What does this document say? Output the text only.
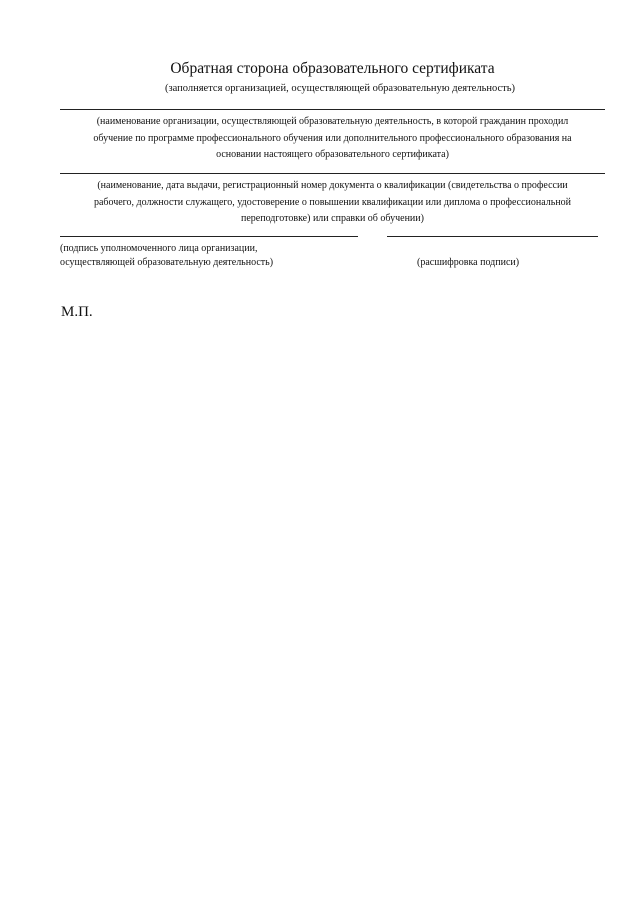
Обратная сторона образовательного сертификата
(заполняется организацией, осуществляющей образовательную деятельность)
(наименование организации, осуществляющей образовательную деятельность, в которой гражданин проходил
обучение по программе профессионального обучения или дополнительного профессионального образования на
основании настоящего образовательного сертификата)
(наименование, дата выдачи, регистрационный номер документа о квалификации (свидетельства о профессии
рабочего, должности служащего, удостоверение о повышении квалификации или диплома о профессиональной
переподготовке) или справки об обучении)
(подпись уполномоченного лица организации,
осуществляющей образовательную деятельность)	(расшифровка подписи)
М.П.
